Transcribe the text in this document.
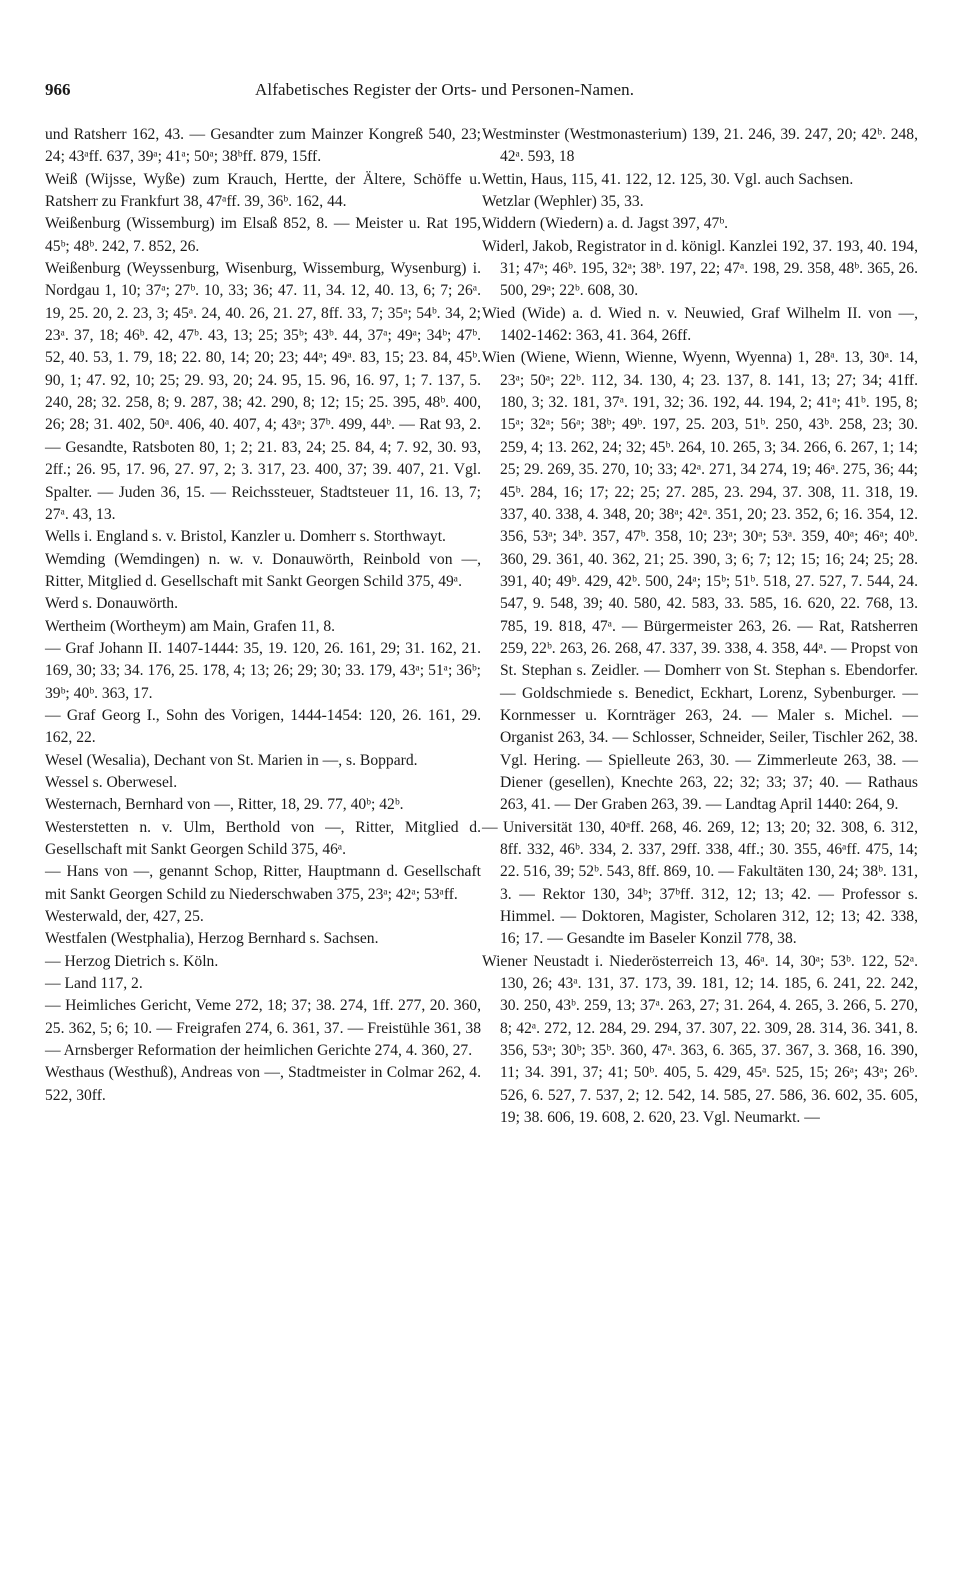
966	Alfabetisches Register der Orts- und Personen-Namen.

und Ratsherr 162, 43. — Gesandter zum Mainzer Kongreß 540, 23; 24; 43ᵃff. 637, 39ᵃ; 41ᵃ; 50ᵃ; 38ᵇff. 879, 15ff.

Weiß (Wijsse, Wyße) zum Krauch, Hertte, der Ältere, Schöffe u. Ratsherr zu Frankfurt 38, 47ᵃff. 39, 36ᵇ. 162, 44.

Weißenburg (Wissemburg) im Elsaß 852, 8. — Meister u. Rat 195, 45ᵇ; 48ᵇ. 242, 7. 852, 26.

Weißenburg (Weyssenburg, Wisenburg, Wissemburg, Wysenburg) i. Nordgau 1, 10; 37ᵃ; 27ᵇ. 10, 33; 36; 47. 11, 34. 12, 40. 13, 6; 7; 26ᵃ. 19, 25. 20, 2. 23, 3; 45ᵃ. 24, 40. 26, 21. 27, 8ff. 33, 7; 35ᵃ; 54ᵇ. 34, 2; 23ᵃ. 37, 18; 46ᵇ. 42, 47ᵇ. 43, 13; 25; 35ᵇ; 43ᵇ. 44, 37ᵃ; 49ᵃ; 34ᵇ; 47ᵇ. 52, 40. 53, 1. 79, 18; 22. 80, 14; 20; 23; 44ᵃ; 49ᵃ. 83, 15; 23. 84, 45ᵇ. 90, 1; 47. 92, 10; 25; 29. 93, 20; 24. 95, 15. 96, 16. 97, 1; 7. 137, 5. 240, 28; 32. 258, 8; 9. 287, 38; 42. 290, 8; 12; 15; 25. 395, 48ᵇ. 400, 26; 28; 31. 402, 50ᵃ. 406, 40. 407, 4; 43ᵃ; 37ᵇ. 499, 44ᵇ. — Rat 93, 2. — Gesandte, Ratsboten 80, 1; 2; 21. 83, 24; 25. 84, 4; 7. 92, 30. 93, 2ff.; 26. 95, 17. 96, 27. 97, 2; 3. 317, 23. 400, 37; 39. 407, 21. Vgl. Spalter. — Juden 36, 15. — Reichssteuer, Stadtsteuer 11, 16. 13, 7; 27ᵃ. 43, 13.

Wells i. England s. v. Bristol, Kanzler u. Domherr s. Storthwayt.

Wemding (Wemdingen) n. w. v. Donauwörth, Reinbold von —, Ritter, Mitglied d. Gesellschaft mit Sankt Georgen Schild 375, 49ᵃ.

Werd s. Donauwörth.

Wertheim (Wortheym) am Main, Grafen 11, 8.

— Graf Johann II. 1407-1444: 35, 19. 120, 26. 161, 29; 31. 162, 21. 169, 30; 33; 34. 176, 25. 178, 4; 13; 26; 29; 30; 33. 179, 43ᵃ; 51ᵃ; 36ᵇ; 39ᵇ; 40ᵇ. 363, 17.

— Graf Georg I., Sohn des Vorigen, 1444-1454: 120, 26. 161, 29. 162, 22.

Wesel (Wesalia), Dechant von St. Marien in —, s. Boppard.

Wessel s. Oberwesel.

Westernach, Bernhard von —, Ritter, 18, 29. 77, 40ᵇ; 42ᵇ.

Westerstetten n. v. Ulm, Berthold von —, Ritter, Mitglied d. Gesellschaft mit Sankt Georgen Schild 375, 46ᵃ.

— Hans von —, genannt Schop, Ritter, Hauptmann d. Gesellschaft mit Sankt Georgen Schild zu Niederschwaben 375, 23ᵃ; 42ᵃ; 53ᵃff.

Westerwald, der, 427, 25.

Westfalen (Westphalia), Herzog Bernhard s. Sachsen.

— Herzog Dietrich s. Köln.

— Land 117, 2.

— Heimliches Gericht, Veme 272, 18; 37; 38. 274, 1ff. 277, 20. 360, 25. 362, 5; 6; 10. — Freigrafen 274, 6. 361, 37. — Freistühle 361, 38 — Arnsberger Reformation der heimlichen Gerichte 274, 4. 360, 27.

Westhaus (Westhuß), Andreas von —, Stadtmeister in Colmar 262, 4. 522, 30ff.

Westminster (Westmonasterium) 139, 21. 246, 39. 247, 20; 42ᵇ. 248, 42ᵃ. 593, 18

Wettin, Haus, 115, 41. 122, 12. 125, 30. Vgl. auch Sachsen.

Wetzlar (Wephler) 35, 33.

Widdern (Wiedern) a. d. Jagst 397, 47ᵇ.

Widerl, Jakob, Registrator in d. königl. Kanzlei 192, 37. 193, 40. 194, 31; 47ᵃ; 46ᵇ. 195, 32ᵃ; 38ᵇ. 197, 22; 47ᵃ. 198, 29. 358, 48ᵇ. 365, 26. 500, 29ᵃ; 22ᵇ. 608, 30.

Wied (Wide) a. d. Wied n. v. Neuwied, Graf Wilhelm II. von —, 1402-1462: 363, 41. 364, 26ff.

Wien (Wiene, Wienn, Wienne, Wyenn, Wyenna) 1, 28ᵃ. 13, 30ᵃ. 14, 23ᵃ; 50ᵃ; 22ᵇ. 112, 34. 130, 4; 23. 137, 8. 141, 13; 27; 34; 41ff. 180, 3; 32. 181, 37ᵃ. 191, 32; 36. 192, 44. 194, 2; 41ᵃ; 41ᵇ. 195, 8; 15ᵃ; 32ᵃ; 56ᵃ; 38ᵇ; 49ᵇ. 197, 25. 203, 51ᵇ. 250, 43ᵇ. 258, 23; 30. 259, 4; 13. 262, 24; 32; 45ᵇ. 264, 10. 265, 3; 34. 266, 6. 267, 1; 14; 25; 29. 269, 35. 270, 10; 33; 42ᵃ. 271, 34 274, 19; 46ᵃ. 275, 36; 44; 45ᵇ. 284, 16; 17; 22; 25; 27. 285, 23. 294, 37. 308, 11. 318, 19. 337, 40. 338, 4. 348, 20; 38ᵃ; 42ᵃ. 351, 20; 23. 352, 6; 16. 354, 12. 356, 53ᵃ; 34ᵇ. 357, 47ᵇ. 358, 10; 23ᵃ; 30ᵃ; 53ᵃ. 359, 40ᵃ; 46ᵃ; 40ᵇ. 360, 29. 361, 40. 362, 21; 25. 390, 3; 6; 7; 12; 15; 16; 24; 25; 28. 391, 40; 49ᵇ. 429, 42ᵇ. 500, 24ᵃ; 15ᵇ; 51ᵇ. 518, 27. 527, 7. 544, 24. 547, 9. 548, 39; 40. 580, 42. 583, 33. 585, 16. 620, 22. 768, 13. 785, 19. 818, 47ᵃ. — Bürgermeister 263, 26. — Rat, Ratsherren 259, 22ᵇ. 263, 26. 268, 47. 337, 39. 338, 4. 358, 44ᵃ. — Propst von St. Stephan s. Zeidler. — Domherr von St. Stephan s. Ebendorfer. — Goldschmiede s. Benedict, Eckhart, Lorenz, Sybenburger. — Kornmesser u. Kornträger 263, 24. — Maler s. Michel. — Organist 263, 34. — Schlosser, Schneider, Seiler, Tischler 262, 38. Vgl. Hering. — Spielleute 263, 30. — Zimmerleute 263, 38. — Diener (gesellen), Knechte 263, 22; 32; 33; 37; 40. — Rathaus 263, 41. — Der Graben 263, 39. — Landtag April 1440: 264, 9.

— Universität 130, 40ᵃff. 268, 46. 269, 12; 13; 20; 32. 308, 6. 312, 8ff. 332, 46ᵇ. 334, 2. 337, 29ff. 338, 4ff.; 30. 355, 46ᵃff. 475, 14; 22. 516, 39; 52ᵇ. 543, 8ff. 869, 10. — Fakultäten 130, 24; 38ᵇ. 131, 3. — Rektor 130, 34ᵇ; 37ᵇff. 312, 12; 13; 42. — Professor s. Himmel. — Doktoren, Magister, Scholaren 312, 12; 13; 42. 338, 16; 17. — Gesandte im Baseler Konzil 778, 38.

Wiener Neustadt i. Niederösterreich 13, 46ᵃ. 14, 30ᵃ; 53ᵇ. 122, 52ᵃ. 130, 26; 43ᵃ. 131, 37. 173, 39. 181, 12; 14. 185, 6. 241, 22. 242, 30. 250, 43ᵇ. 259, 13; 37ᵃ. 263, 27; 31. 264, 4. 265, 3. 266, 5. 270, 8; 42ᵃ. 272, 12. 284, 29. 294, 37. 307, 22. 309, 28. 314, 36. 341, 8. 356, 53ᵃ; 30ᵇ; 35ᵇ. 360, 47ᵃ. 363, 6. 365, 37. 367, 3. 368, 16. 390, 11; 34. 391, 37; 41; 50ᵇ. 405, 5. 429, 45ᵃ. 525, 15; 26ᵃ; 43ᵃ; 26ᵇ. 526, 6. 527, 7. 537, 2; 12. 542, 14. 585, 27. 586, 36. 602, 35. 605, 19; 38. 606, 19. 608, 2. 620, 23. Vgl. Neumarkt. —
